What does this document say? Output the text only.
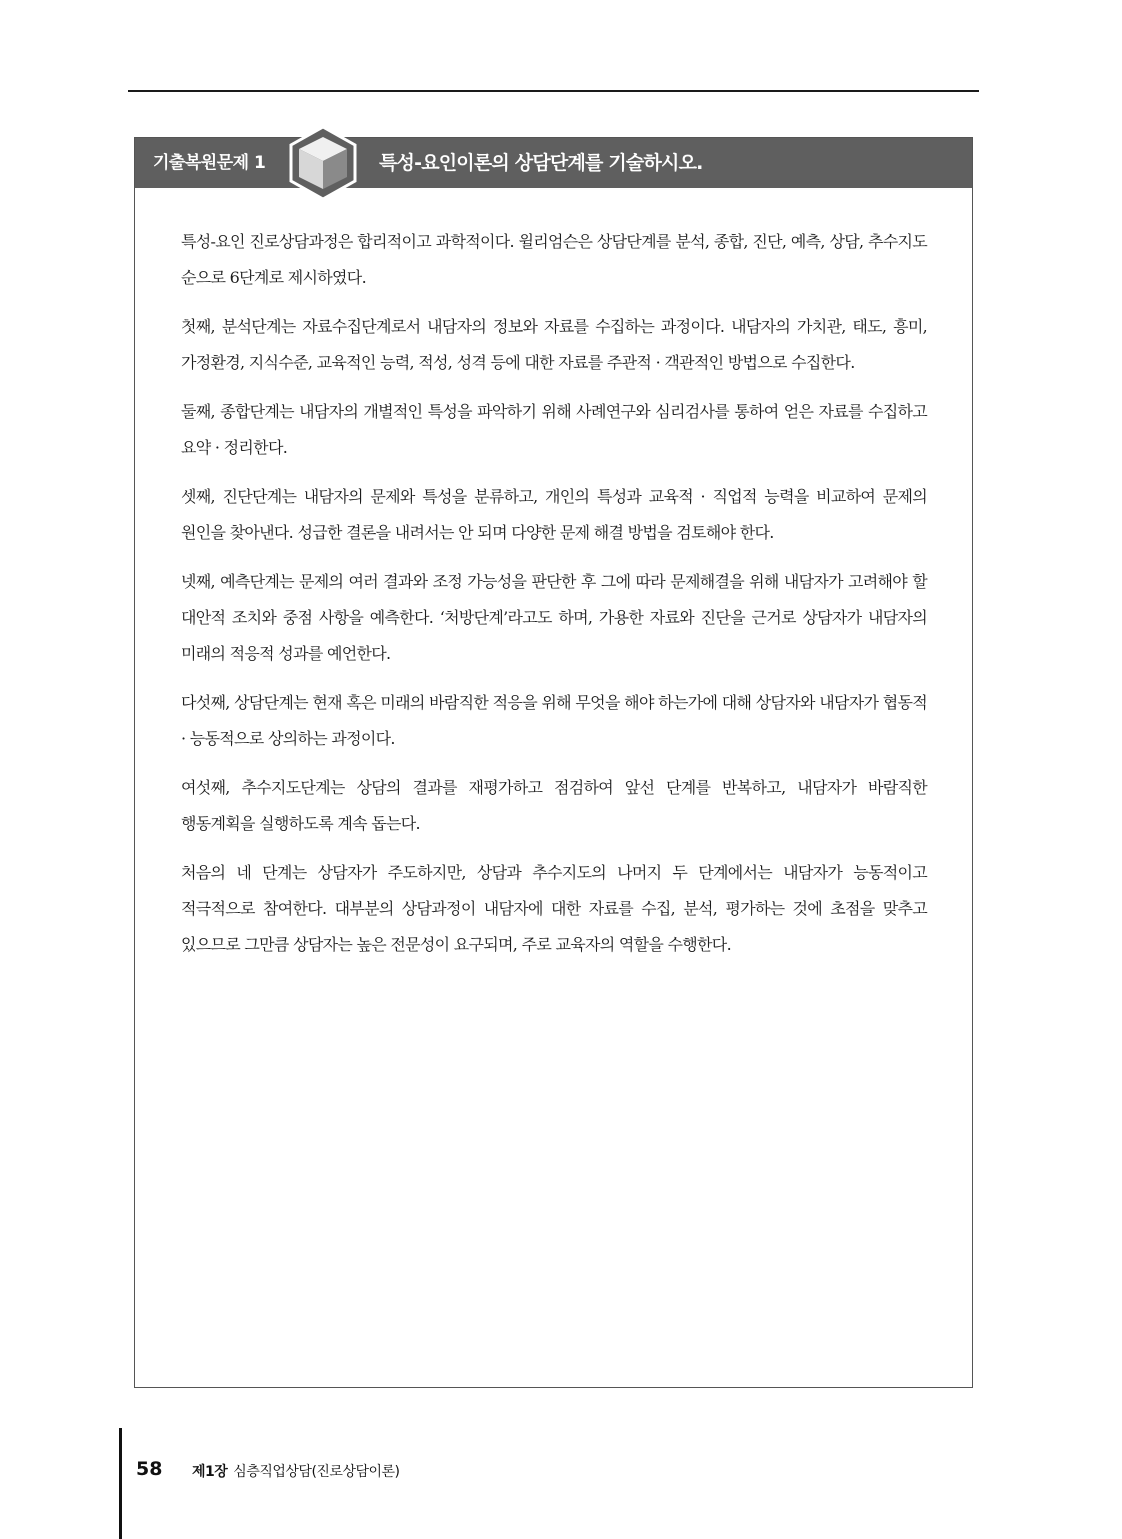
기출복원문제 1	특성-요인이론의 상담단계를 기술하시오.

특성-요인 진로상담과정은 합리적이고 과학적이다. 윌리엄슨은 상담단계를 분석, 종합, 진단, 예측, 상담, 추수지도 순으로 6단계로 제시하였다.

첫째, 분석단계는 자료수집단계로서 내담자의 정보와 자료를 수집하는 과정이다. 내담자의 가치관, 태도, 흥미, 가정환경, 지식수준, 교육적인 능력, 적성, 성격 등에 대한 자료를 주관적 · 객관적인 방법으로 수집한다.

둘째, 종합단계는 내담자의 개별적인 특성을 파악하기 위해 사례연구와 심리검사를 통하여 얻은 자료를 수집하고 요약 · 정리한다.

셋째, 진단단계는 내담자의 문제와 특성을 분류하고, 개인의 특성과 교육적 · 직업적 능력을 비교하여 문제의 원인을 찾아낸다. 성급한 결론을 내려서는 안 되며 다양한 문제 해결 방법을 검토해야 한다.

넷째, 예측단계는 문제의 여러 결과와 조정 가능성을 판단한 후 그에 따라 문제해결을 위해 내담자가 고려해야 할 대안적 조치와 중점 사항을 예측한다. ‘처방단계’라고도 하며, 가용한 자료와 진단을 근거로 상담자가 내담자의 미래의 적응적 성과를 예언한다.

다섯째, 상담단계는 현재 혹은 미래의 바람직한 적응을 위해 무엇을 해야 하는가에 대해 상담자와 내담자가 협동적 · 능동적으로 상의하는 과정이다.

여섯째, 추수지도단계는 상담의 결과를 재평가하고 점검하여 앞선 단계를 반복하고, 내담자가 바람직한 행동계획을 실행하도록 계속 돕는다.

처음의 네 단계는 상담자가 주도하지만, 상담과 추수지도의 나머지 두 단계에서는 내담자가 능동적이고 적극적으로 참여한다. 대부분의 상담과정이 내담자에 대한 자료를 수집, 분석, 평가하는 것에 초점을 맞추고 있으므로 그만큼 상담자는 높은 전문성이 요구되며, 주로 교육자의 역할을 수행한다.

58 제1장 심층직업상담(진로상담이론)
